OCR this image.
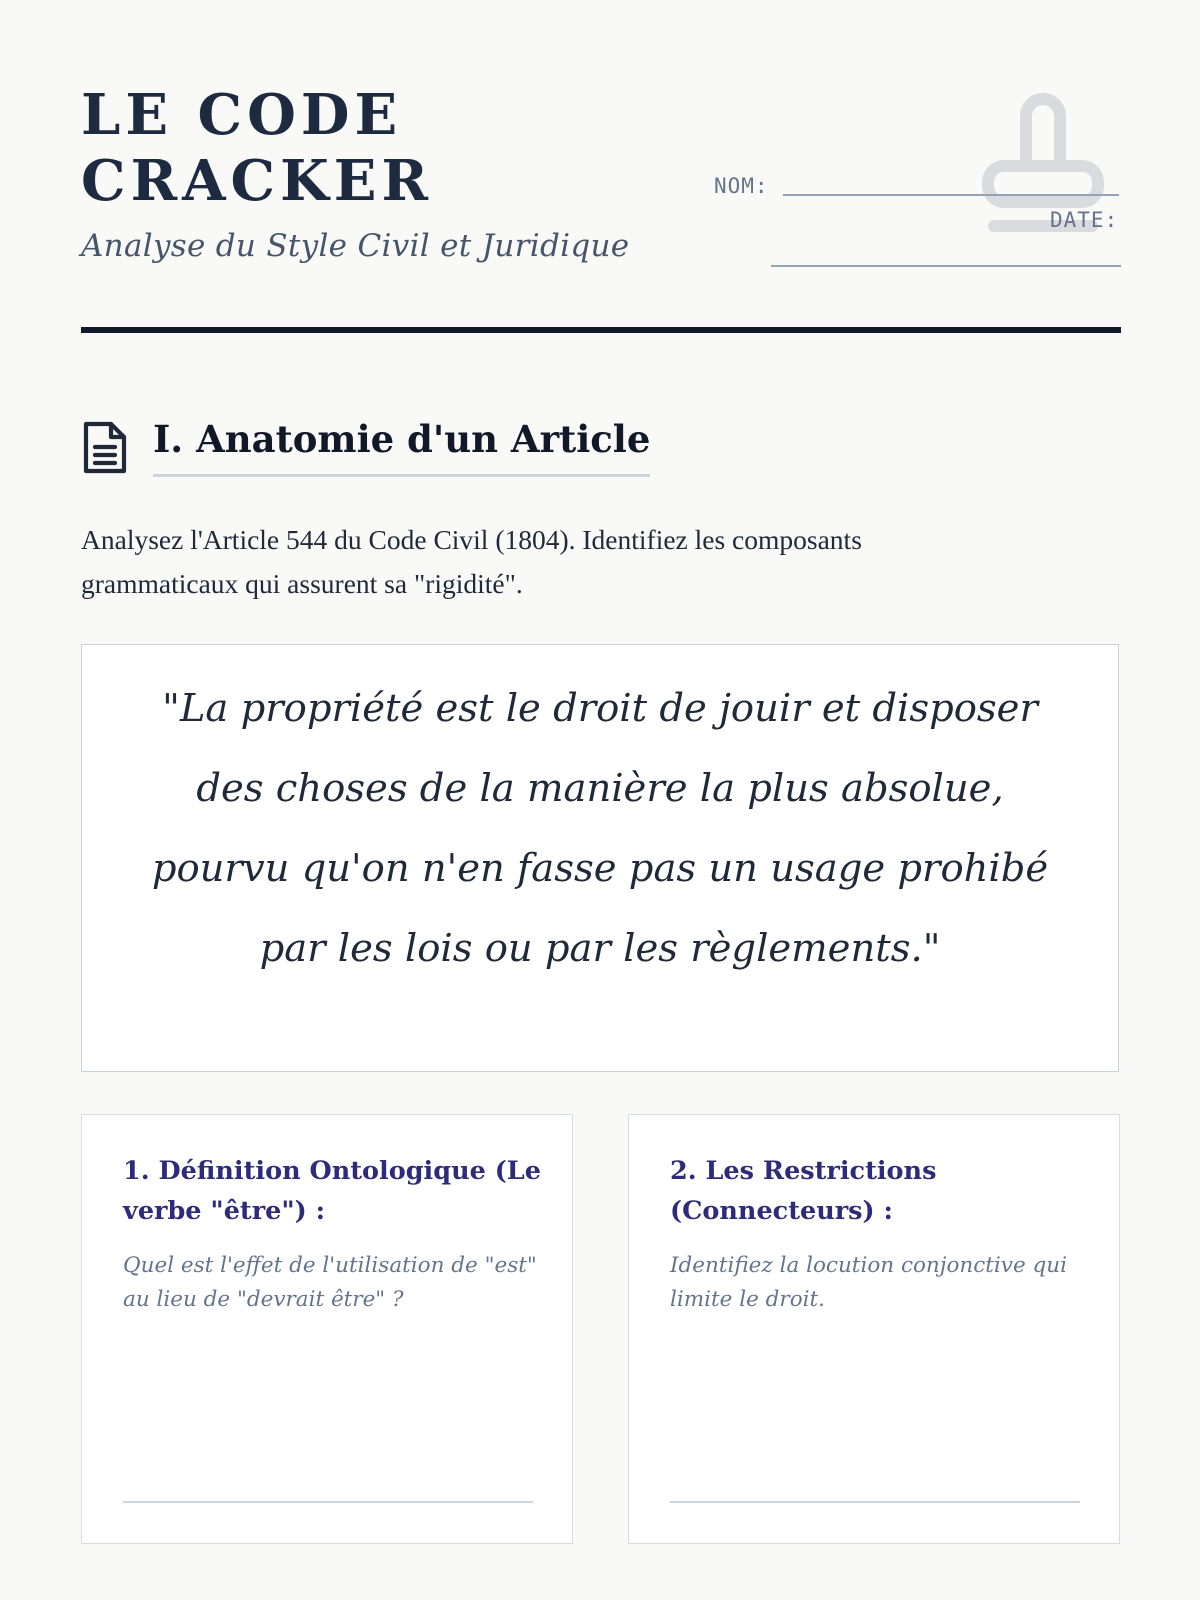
LE CODE CRACKER

Analyse du Style Civil et Juridique

NOM:
DATE:
I. Anatomie d'un Article

Analysez l'Article 544 du Code Civil (1804). Identifiez les composants grammaticaux qui assurent sa "rigidité".

"La propriété est le droit de jouir et disposer des choses de la manière la plus absolue, pourvu qu'on n'en fasse pas un usage prohibé par les lois ou par les règlements."

1. Définition Ontologique (Le verbe "être") :

Quel est l'effet de l'utilisation de "est" au lieu de "devrait être" ?

2. Les Restrictions (Connecteurs) :

Identifiez la locution conjonctive qui limite le droit.
